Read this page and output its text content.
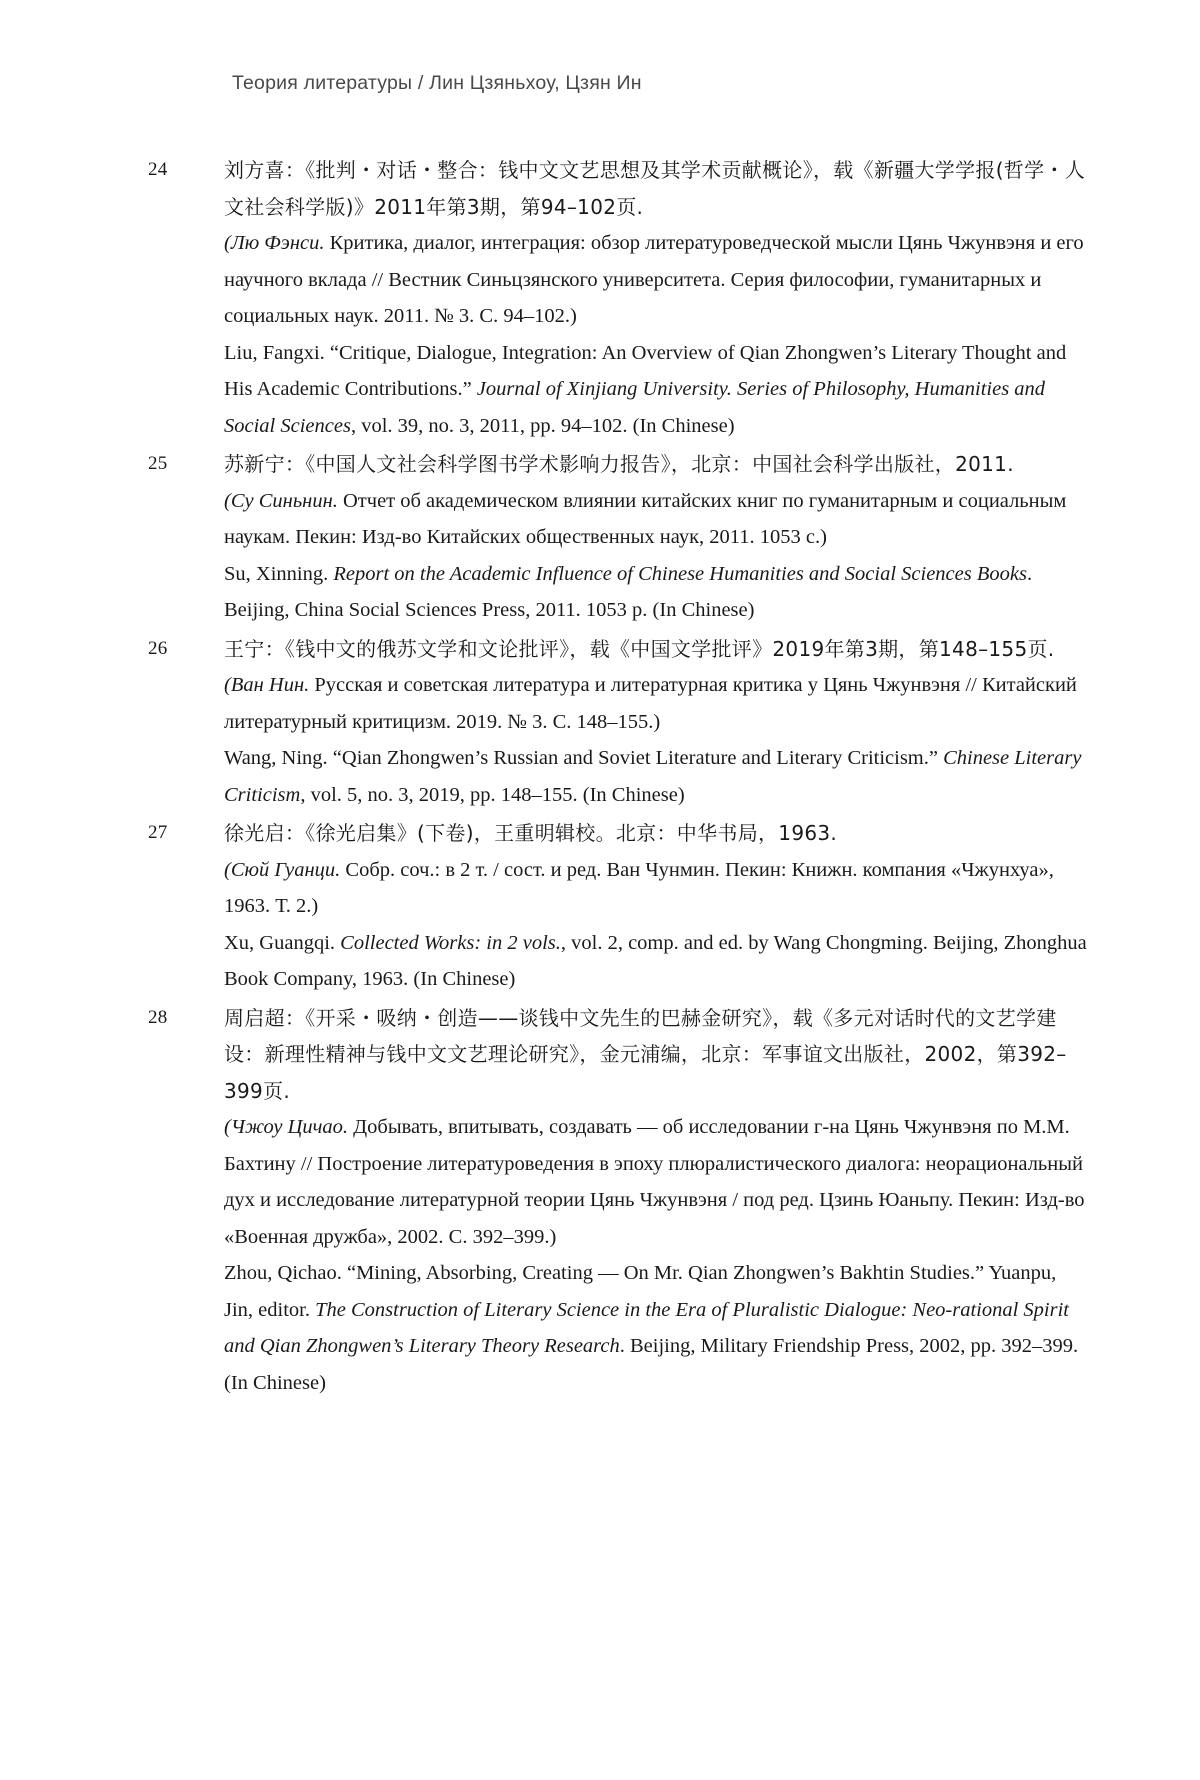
Теория литературы / Лин Цзяньхоу, Цзян Ин
24	刘方喜：《批判・对话・整合：钱中文文艺思想及其学术贡献概论》，载《新疆大学学报(哲学・人文社会科学版)》2011年第3期，第94–102页.

(Лю Фэнси. Критика, диалог, интеграция: обзор литературоведческой мысли Цянь Чжунвэня и его научного вклада // Вестник Синьцзянского университета. Серия философии, гуманитарных и социальных наук. 2011. № 3. С. 94–102.)

Liu, Fangxi. “Critique, Dialogue, Integration: An Overview of Qian Zhongwen’s Literary Thought and His Academic Contributions.” Journal of Xinjiang University. Series of Philosophy, Humanities and Social Sciences, vol. 39, no. 3, 2011, pp. 94–102. (In Chinese)

25	苏新宁：《中国人文社会科学图书学术影响力报告》，北京：中国社会科学出版社，2011.

(Су Синьнин. Отчет об академическом влиянии китайских книг по гуманитарным и социальным наукам. Пекин: Изд-во Китайских общественных наук, 2011. 1053 с.)

Su, Xinning. Report on the Academic Influence of Chinese Humanities and Social Sciences Books. Beijing, China Social Sciences Press, 2011. 1053 p. (In Chinese)

26	王宁：《钱中文的俄苏文学和文论批评》，载《中国文学批评》2019年第3期，第148–155页.

(Ван Нин. Русская и советская литература и литературная критика у Цянь Чжунвэня // Китайский литературный критицизм. 2019. № 3. С. 148–155.)

Wang, Ning. “Qian Zhongwen’s Russian and Soviet Literature and Literary Criticism.” Chinese Literary Criticism, vol. 5, no. 3, 2019, pp. 148–155. (In Chinese)

27	徐光启：《徐光启集》(下卷)，王重明辑校。北京：中华书局，1963.

(Сюй Гуанци. Собр. соч.: в 2 т. / сост. и ред. Ван Чунмин. Пекин: Книжн. компания «Чжунхуа», 1963. Т. 2.)

Xu, Guangqi. Collected Works: in 2 vols., vol. 2, comp. and ed. by Wang Chongming. Beijing, Zhonghua Book Company, 1963. (In Chinese)

28	周启超：《开采・吸纳・创造——谈钱中文先生的巴赫金研究》，载《多元对话时代的文艺学建设：新理性精神与钱中文文艺理论研究》，金元浦编，北京：军事谊文出版社，2002，第392–399页.

(Чжоу Цичао. Добывать, впитывать, создавать — об исследовании г-на Цянь Чжунвэня по М.М. Бахтину // Построение литературоведения в эпоху плюралистического диалога: неорациональный дух и исследование литературной теории Цянь Чжунвэня / под ред. Цзинь Юаньпу. Пекин: Изд-во «Военная дружба», 2002. С. 392–399.)

Zhou, Qichao. “Mining, Absorbing, Creating — On Mr. Qian Zhongwen’s Bakhtin Studies.” Yuanpu, Jin, editor. The Construction of Literary Science in the Era of Pluralistic Dialogue: Neo-rational Spirit and Qian Zhongwen’s Literary Theory Research. Beijing, Military Friendship Press, 2002, pp. 392–399. (In Chinese)
